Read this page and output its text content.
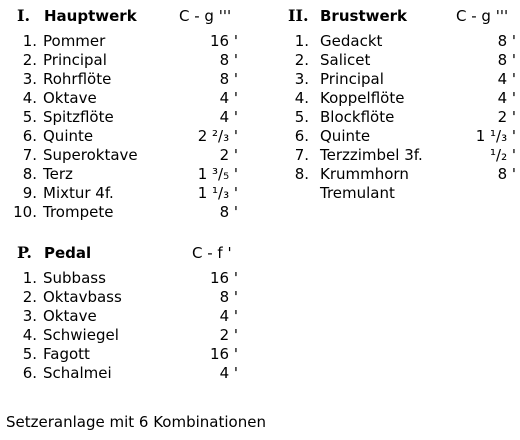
I. Hauptwerk	C - g '''
1. Pommer	16 '
2. Principal	8 '
3. Rohrflöte	8 '
4. Oktave	4 '
5. Spitzflöte	4 '
6. Quinte	2 ²/₃ '
7. Superoktave	2 '
8. Terz	1 ³/₅ '
9. Mixtur 4f.	1 ¹/₃ '
10. Trompete	8 '
II. Brustwerk	C - g '''
1. Gedackt	8 '
2. Salicet	8 '
3. Principal	4 '
4. Koppelflöte	4 '
5. Blockflöte	2 '
6. Quinte	1 ¹/₃ '
7. Terzzimbel 3f.	¹/₂ '
8. Krummhorn	8 '
Tremulant
P. Pedal	C - f '
1. Subbass	16 '
2. Oktavbass	8 '
3. Oktave	4 '
4. Schwiegel	2 '
5. Fagott	16 '
6. Schalmei	4 '
Setzeranlage mit 6 Kombinationen
